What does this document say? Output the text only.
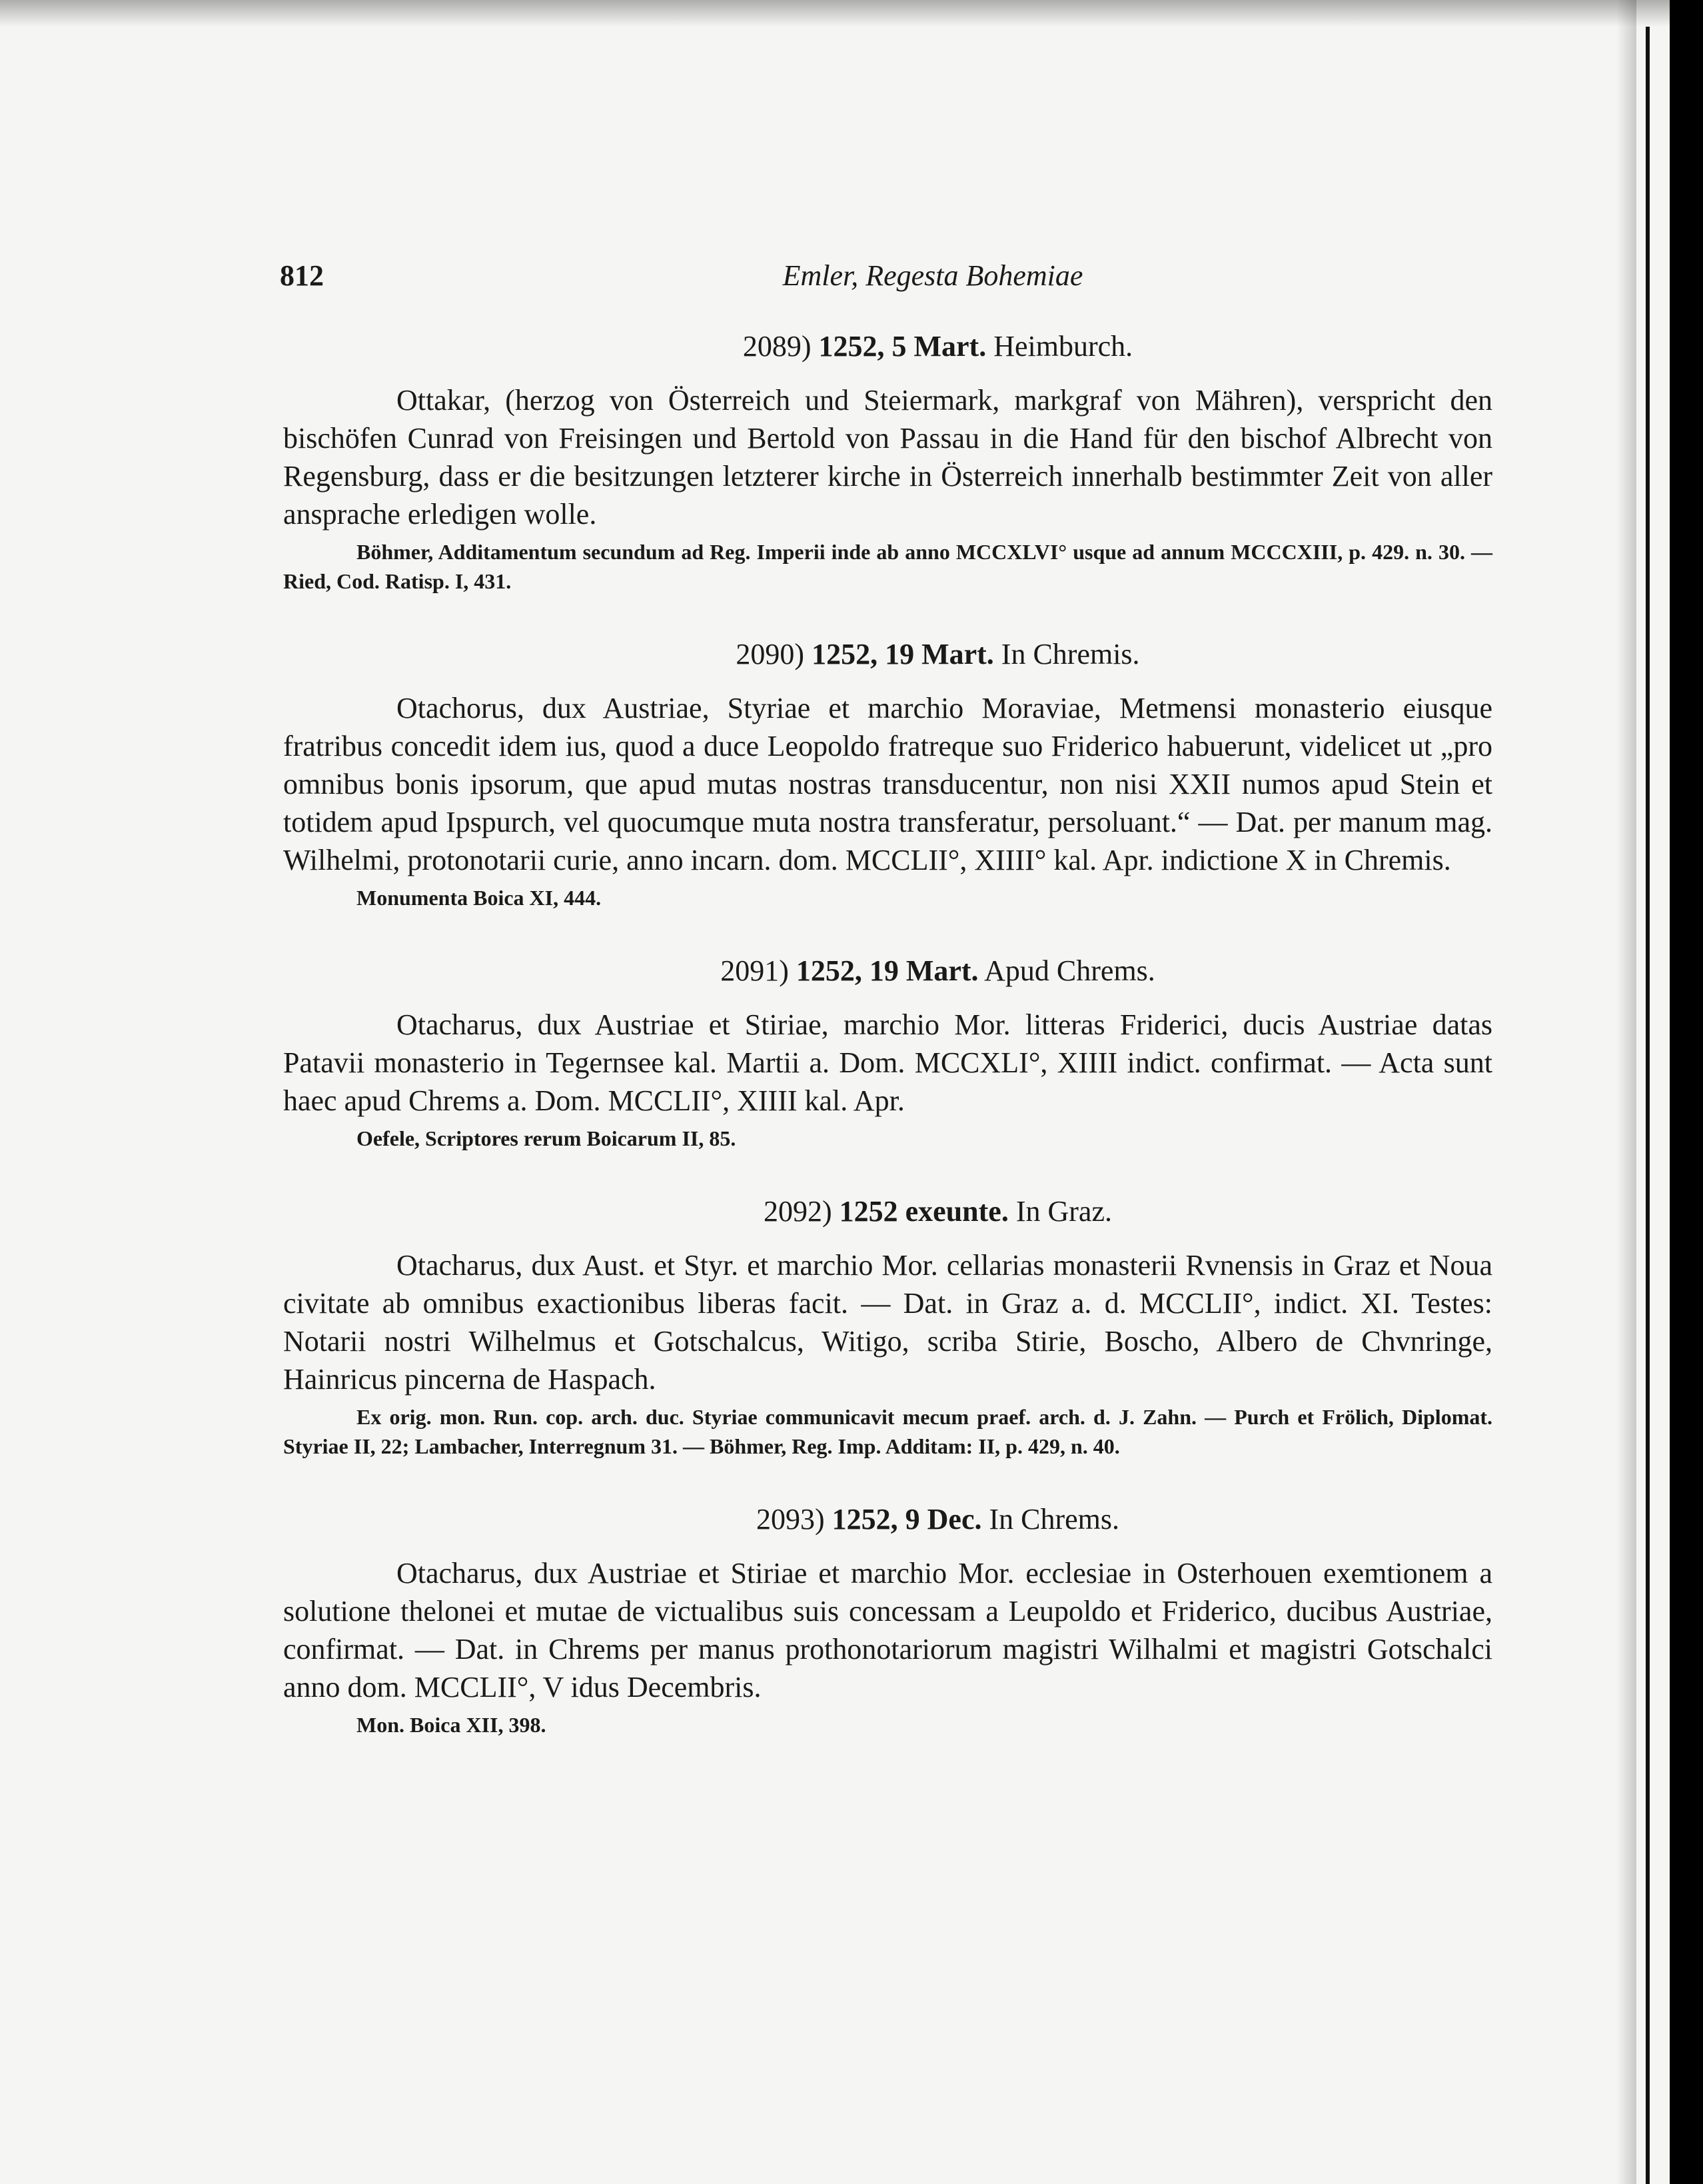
812	Emler, Regesta Bohemiae
2089) 1252, 5 Mart. Heimburch.

Ottakar, (herzog von Österreich und Steiermark, markgraf von Mähren), verspricht den bischöfen Cunrad von Freisingen und Bertold von Passau in die Hand für den bischof Albrecht von Regensburg, dass er die besitzungen letzterer kirche in Österreich innerhalb bestimmter Zeit von aller ansprache erledigen wolle.

Böhmer, Additamentum secundum ad Reg. Imperii inde ab anno MCCXLVI° usque ad annum MCCCXIII, p. 429. n. 30. — Ried, Cod. Ratisp. I, 431.

2090) 1252, 19 Mart. In Chremis.

Otachorus, dux Austriae, Styriae et marchio Moraviae, Metmensi monasterio eiusque fratribus concedit idem ius, quod a duce Leopoldo fratreque suo Friderico habuerunt, videlicet ut „pro omnibus bonis ipsorum, que apud mutas nostras transducentur, non nisi XXII numos apud Stein et totidem apud Ipspurch, vel quocumque muta nostra transferatur, persoluant.“ — Dat. per manum mag. Wilhelmi, protonotarii curie, anno incarn. dom. MCCLII°, XIIII° kal. Apr. indictione X in Chremis.

Monumenta Boica XI, 444.

2091) 1252, 19 Mart. Apud Chrems.

Otacharus, dux Austriae et Stiriae, marchio Mor. litteras Friderici, ducis Austriae datas Patavii monasterio in Tegernsee kal. Martii a. Dom. MCCXLI°, XIIII indict. confirmat. — Acta sunt haec apud Chrems a. Dom. MCCLII°, XIIII kal. Apr.

Oefele, Scriptores rerum Boicarum II, 85.

2092) 1252 exeunte. In Graz.

Otacharus, dux Aust. et Styr. et marchio Mor. cellarias monasterii Rvnensis in Graz et Noua civitate ab omnibus exactionibus liberas facit. — Dat. in Graz a. d. MCCLII°, indict. XI. Testes: Notarii nostri Wilhelmus et Gotschalcus, Witigo, scriba Stirie, Boscho, Albero de Chvnringe, Hainricus pincerna de Haspach.

Ex orig. mon. Run. cop. arch. duc. Styriae communicavit mecum praef. arch. d. J. Zahn. — Purch et Frölich, Diplomat. Styriae II, 22; Lambacher, Interregnum 31. — Böhmer, Reg. Imp. Additam: II, p. 429, n. 40.

2093) 1252, 9 Dec. In Chrems.

Otacharus, dux Austriae et Stiriae et marchio Mor. ecclesiae in Osterhouen exemtionem a solutione thelonei et mutae de victualibus suis concessam a Leupoldo et Friderico, ducibus Austriae, confirmat. — Dat. in Chrems per manus prothonotariorum magistri Wilhalmi et magistri Gotschalci anno dom. MCCLII°, V idus Decembris.

Mon. Boica XII, 398.
